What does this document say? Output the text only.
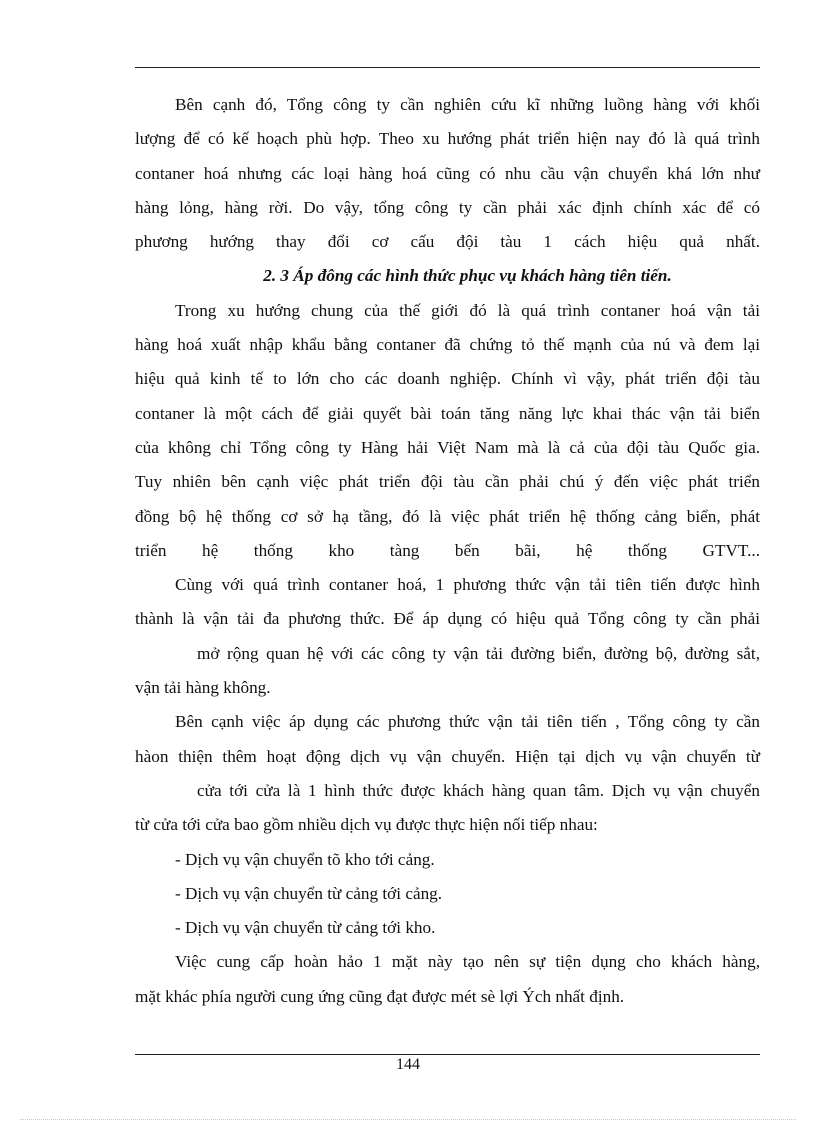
Bên cạnh đó, Tổng công ty cần nghiên cứu kĩ những luồng hàng với khối
lượng để có kế hoạch phù hợp. Theo xu hướng phát triển hiện nay đó là quá trình
contaner hoá nhưng các loại hàng hoá cũng có nhu cầu vận chuyển khá lớn như
hàng lỏng, hàng rời. Do vậy, tổng công ty cần phải xác định chính xác để có
phương hướng thay đổi cơ cấu đội tàu 1 cách hiệu quả nhất.
2. 3 Áp đông các hình thức phục vụ khách hàng tiên tiến.
Trong xu hướng chung của thế giới đó là quá trình contaner hoá vận tải
hàng hoá xuất nhập khẩu bằng contaner đã chứng tỏ thế mạnh của nú và đem lại
hiệu quả kinh tế to lớn cho các doanh nghiệp. Chính vì vậy, phát triển đội tàu
contaner là một cách để giải quyết bài toán tăng năng lực khai thác vận tải biển
của không chỉ Tổng công ty Hàng hải Việt Nam mà là cả của đội tàu Quốc gia.
Tuy nhiên bên cạnh việc phát triển đội tàu cần phải chú ý đến việc phát triển
đồng bộ hệ thống cơ sở hạ tầng, đó là việc phát triển hệ thống cảng biển, phát
triển hệ thống kho tàng bến bãi, hệ thống GTVT...
Cùng với quá trình contaner hoá, 1 phương thức vận tải tiên tiến được hình
thành là vận tải đa phương thức. Để áp dụng có hiệu quả Tổng công ty cần phải
mở rộng quan hệ với các công ty vận tải đường biển, đường bộ, đường sắt,
vận tải hàng không.
Bên cạnh việc áp dụng các phương thức vận tải tiên tiến , Tổng công ty cần
hàon thiện thêm hoạt động dịch vụ vận chuyển. Hiện tại dịch vụ vận chuyển từ
cửa tới cửa là 1 hình thức được khách hàng quan tâm. Dịch vụ vận chuyển
từ cửa tới cửa bao gồm nhiều dịch vụ được thực hiện nối tiếp nhau:
- Dịch vụ vận chuyển tõ kho tới cảng.
- Dịch vụ vận chuyển từ cảng tới cảng.
- Dịch vụ vận chuyển từ cảng tới kho.
Việc cung cấp hoàn hảo 1 mặt này tạo nên sự tiện dụng cho khách hàng,
mặt khác phía người cung ứng cũng đạt được mét sè lợi Ých nhất định.
144
